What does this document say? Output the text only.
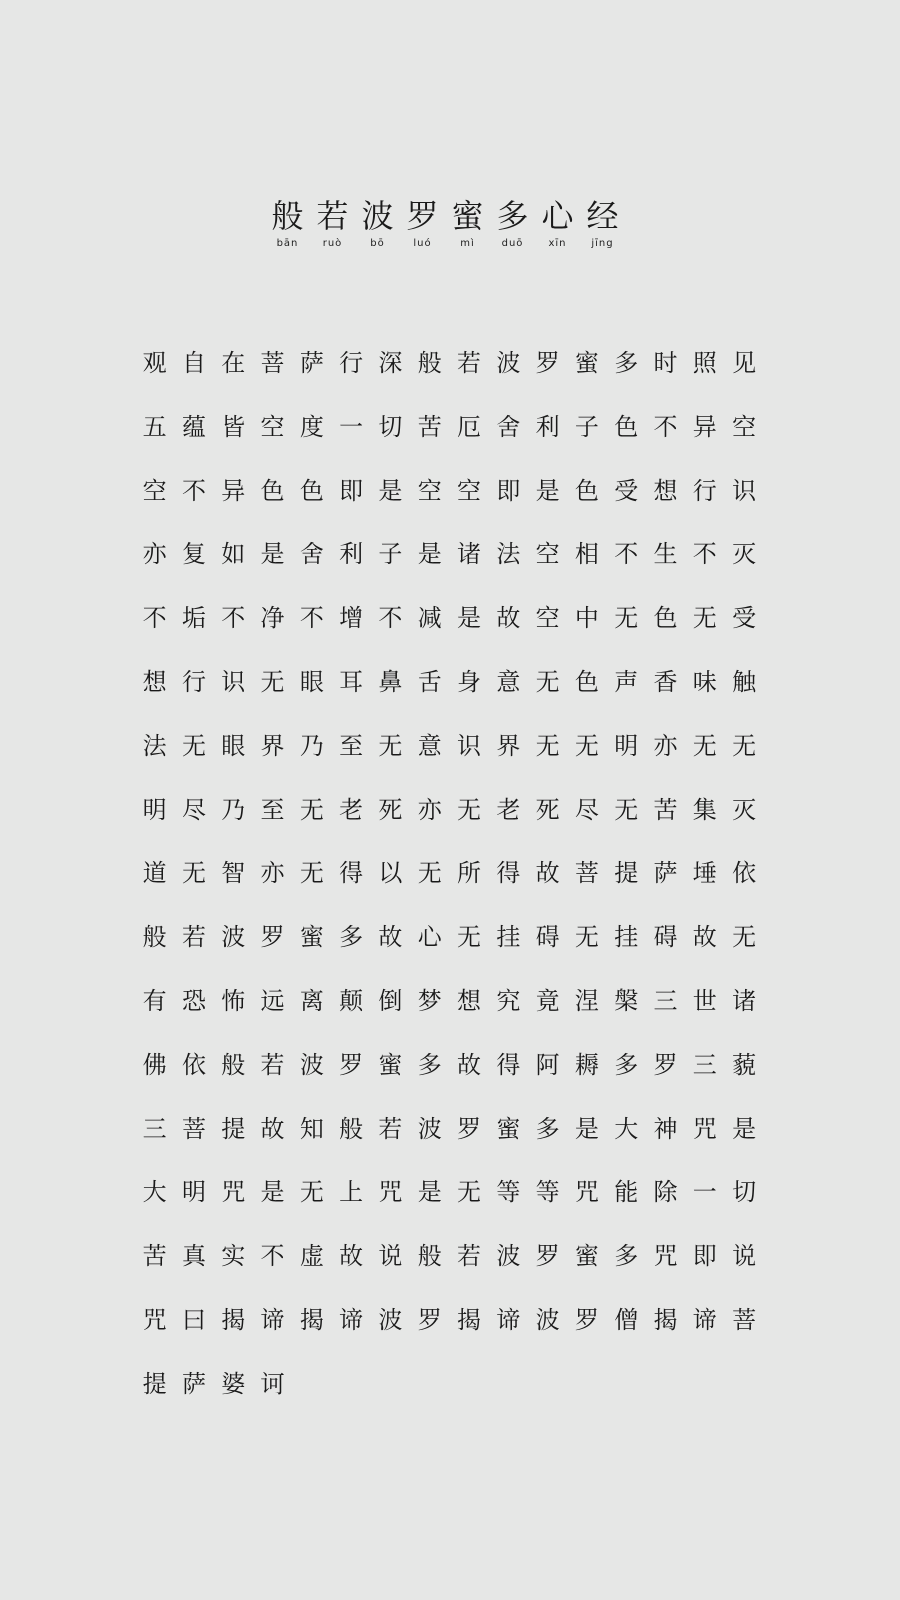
般 若 波 罗 蜜 多 心 经
bān	ruò	bō	luó	mì	duō	xīn	jīng
观 自 在 菩 萨 行 深 般 若 波 罗 蜜 多 时 照 见
五 蕴 皆 空 度 一 切 苦 厄 舍 利 子 色 不 异 空
空 不 异 色 色 即 是 空 空 即 是 色 受 想 行 识
亦 复 如 是 舍 利 子 是 诸 法 空 相 不 生 不 灭
不 垢 不 净 不 增 不 减 是 故 空 中 无 色 无 受
想 行 识 无 眼 耳 鼻 舌 身 意 无 色 声 香 味 触
法 无 眼 界 乃 至 无 意 识 界 无 无 明 亦 无 无
明 尽 乃 至 无 老 死 亦 无 老 死 尽 无 苦 集 灭
道 无 智 亦 无 得 以 无 所 得 故 菩 提 萨 埵 依
般 若 波 罗 蜜 多 故 心 无 挂 碍 无 挂 碍 故 无
有 恐 怖 远 离 颠 倒 梦 想 究 竟 涅 槃 三 世 诸
佛 依 般 若 波 罗 蜜 多 故 得 阿 耨 多 罗 三 藐
三 菩 提 故 知 般 若 波 罗 蜜 多 是 大 神 咒 是
大 明 咒 是 无 上 咒 是 无 等 等 咒 能 除 一 切
苦 真 实 不 虚 故 说 般 若 波 罗 蜜 多 咒 即 说
咒 曰 揭 谛 揭 谛 波 罗 揭 谛 波 罗 僧 揭 谛 菩
提 萨 婆 诃
